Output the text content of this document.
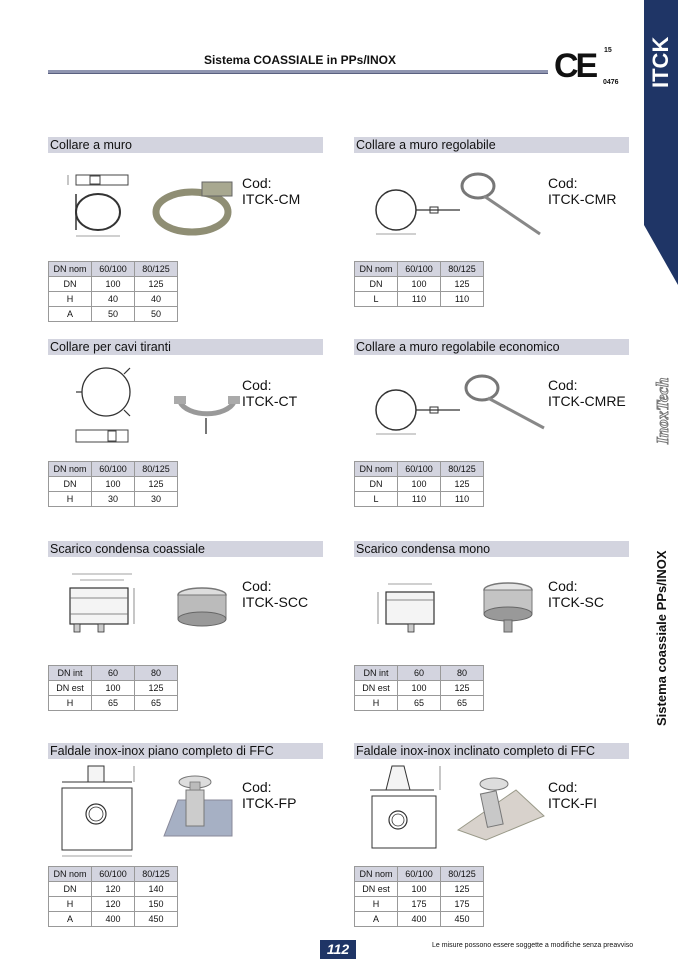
Sistema COASSIALE in PPs/INOX	CE 15
0476 ITCK
InoxTech
Sistema coassiale PPs/INOX
Collare a muro
Cod:
ITCK-CM
DN nom	60/100	80/125
DN	100	125
H	40	40
A	50	50
Collare a muro regolabile
Cod:
ITCK-CMR
DN nom	60/100	80/125
DN	100	125
L	110	110
Collare per cavi tiranti
Cod:
ITCK-CT
DN nom	60/100	80/125
DN	100	125
H	30	30
Collare a muro regolabile economico
Cod:
ITCK-CMRE
DN nom	60/100	80/125
DN	100	125
L	110	110
Scarico condensa coassiale
Cod:
ITCK-SCC
DN int	60	80
DN est	100	125
H	65	65
Scarico condensa mono
Cod:
ITCK-SC
DN int	60	80
DN est	100	125
H	65	65
Faldale inox-inox piano completo di FFC
Cod:
ITCK-FP
DN nom	60/100	80/125
DN	120	140
H	120	150
A	400	450
Faldale inox-inox inclinato completo di FFC
Cod:
ITCK-FI
DN nom	60/100	80/125
DN est	100	125
H	175	175
A	400	450
112	Le misure possono essere soggette a modifiche senza preavviso
